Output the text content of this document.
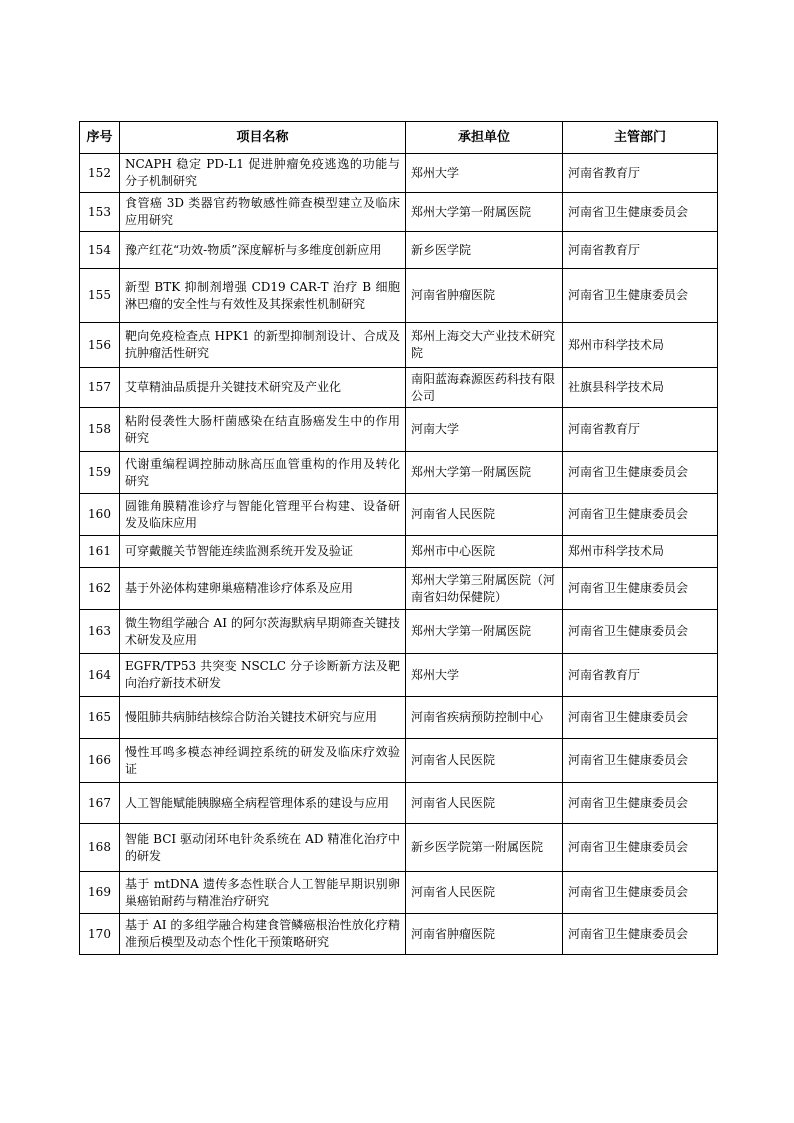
序号	项目名称	承担单位	主管部门
152	NCAPH 稳定 PD-L1 促进肿瘤免疫逃逸的功能与分子机制研究	郑州大学	河南省教育厅
153	食管癌 3D 类器官药物敏感性筛查模型建立及临床应用研究	郑州大学第一附属医院	河南省卫生健康委员会
154	豫产红花“功效-物质”深度解析与多维度创新应用	新乡医学院	河南省教育厅
155	新型 BTK 抑制剂增强 CD19 CAR-T 治疗 B 细胞淋巴瘤的安全性与有效性及其探索性机制研究	河南省肿瘤医院	河南省卫生健康委员会
156	靶向免疫检查点 HPK1 的新型抑制剂设计、合成及抗肿瘤活性研究	郑州上海交大产业技术研究院	郑州市科学技术局
157	艾草精油品质提升关键技术研究及产业化	南阳蓝海森源医药科技有限公司	社旗县科学技术局
158	粘附侵袭性大肠杆菌感染在结直肠癌发生中的作用研究	河南大学	河南省教育厅
159	代谢重编程调控肺动脉高压血管重构的作用及转化研究	郑州大学第一附属医院	河南省卫生健康委员会
160	圆锥角膜精准诊疗与智能化管理平台构建、设备研发及临床应用	河南省人民医院	河南省卫生健康委员会
161	可穿戴髋关节智能连续监测系统开发及验证	郑州市中心医院	郑州市科学技术局
162	基于外泌体构建卵巢癌精准诊疗体系及应用	郑州大学第三附属医院（河南省妇幼保健院）	河南省卫生健康委员会
163	微生物组学融合 AI 的阿尔茨海默病早期筛查关键技术研发及应用	郑州大学第一附属医院	河南省卫生健康委员会
164	EGFR/TP53 共突变 NSCLC 分子诊断新方法及靶向治疗新技术研发	郑州大学	河南省教育厅
165	慢阻肺共病肺结核综合防治关键技术研究与应用	河南省疾病预防控制中心	河南省卫生健康委员会
166	慢性耳鸣多模态神经调控系统的研发及临床疗效验证	河南省人民医院	河南省卫生健康委员会
167	人工智能赋能胰腺癌全病程管理体系的建设与应用	河南省人民医院	河南省卫生健康委员会
168	智能 BCI 驱动闭环电针灸系统在 AD 精准化治疗中的研发	新乡医学院第一附属医院	河南省卫生健康委员会
169	基于 mtDNA 遗传多态性联合人工智能早期识别卵巢癌铂耐药与精准治疗研究	河南省人民医院	河南省卫生健康委员会
170	基于 AI 的多组学融合构建食管鳞癌根治性放化疗精准预后模型及动态个性化干预策略研究	河南省肿瘤医院	河南省卫生健康委员会
